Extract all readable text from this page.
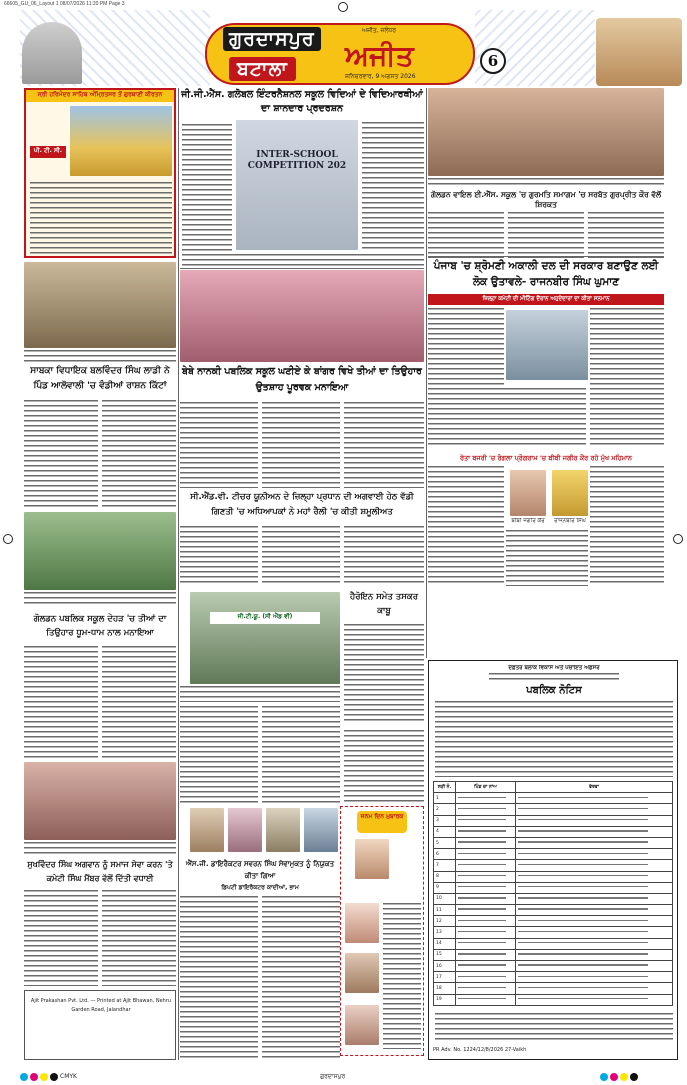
66605_GU_06_Layout 1 08/07/2026 11:20 PM Page 3
ਗੁਰਦਾਸਪੁਰ
ਬਟਾਲਾ
ਅਜੀਤ, ਜਲੰਧਰ
ਅਜੀਤ
ਸ਼ਨਿਚਰਵਾਰ, 9 ਅਗਸਤ 2026
6
ਸ੍ਰੀ ਹਰਿਮੰਦਰ ਸਾਹਿਬ ਅੰਮ੍ਰਿਤਸਰ ਤੋਂ ਗੁਰਬਾਣੀ ਕੀਰਤਨ
ਪੀ. ਟੀ. ਸੀ.
ਜੀ.ਜੀ.ਐੱਸ. ਗਲੋਬਲ ਇੰਟਰਨੈਸ਼ਨਲ ਸਕੂਲ ਵਿਦਿਆਂ ਦੇ ਵਿਦਿਆਰਥੀਆਂ ਦਾ ਸ਼ਾਨਦਾਰ ਪ੍ਰਦਰਸ਼ਨ
INTER-SCHOOL COMPETITION 202
ਗੋਲਡਨ ਵਾਇਲ ਈ.ਐੱਸ. ਸਕੂਲ 'ਚ ਗੁਰਮਤਿ ਸਮਾਗਮ 'ਚ ਸਰਬੱਤ ਗੁਰਪ੍ਰੀਤ ਕੌਰ ਵੱਲੋਂ ਸ਼ਿਰਕਤ
ਪੰਜਾਬ 'ਚ ਸ਼੍ਰੋਮਣੀ ਅਕਾਲੀ ਦਲ ਦੀ ਸਰਕਾਰ ਬਣਾਉਣ ਲਈ ਲੋਕ ਉਤਾਵਲੇ- ਰਾਜਨਬੀਰ ਸਿੰਘ ਘੁਮਾਣ
ਜ਼ਿਲ੍ਹਾ ਕਮੇਟੀ ਦੀ ਮੀਟਿੰਗ ਦੌਰਾਨ ਅਹੁਦੇਦਾਰਾਂ ਦਾ ਕੀਤਾ ਸਨਮਾਨ
ਸਾਬਕਾ ਵਿਧਾਇਕ ਬਲਵਿੰਦਰ ਸਿੰਘ ਲਾਡੀ ਨੇ ਪਿੰਡ ਆਲੋਵਾਲੀ 'ਚ ਵੰਡੀਆਂ ਰਾਸ਼ਨ ਕਿੱਟਾਂ
ਬੇਬੇ ਨਾਨਕੀ ਪਬਲਿਕ ਸਕੂਲ ਘਣੀਏ ਕੇ ਬਾਂਗਰ ਵਿਖੇ ਤੀਆਂ ਦਾ ਤਿਉਹਾਰ ਉਤਸ਼ਾਹ ਪੂਰਵਕ ਮਨਾਇਆ
ਸੀ.ਐਂਡ.ਵੀ. ਟੀਚਰ ਯੂਨੀਅਨ ਦੇ ਜ਼ਿਲ੍ਹਾ ਪ੍ਰਧਾਨ ਦੀ ਅਗਵਾਈ ਹੇਠ ਵੱਡੀ ਗਿਣਤੀ 'ਚ ਅਧਿਆਪਕਾਂ ਨੇ ਮਹਾਂ ਰੈਲੀ 'ਚ ਕੀਤੀ ਸ਼ਮੂਲੀਅਤ
ਜੀ.ਟੀ.ਯੂ. (ਸੀ ਐਂਡ ਵੀ)
ਰੇਤਾ ਬਜਰੀ 'ਚ ਰੰਗਲਾ ਪ੍ਰੋਗਰਾਮ 'ਚ ਬੀਬੀ ਜਗੀਰ ਕੌਰ ਰਹੇ ਮੁੱਖ ਮਹਿਮਾਨ
ਬੀਬੀ ਜਗੀਰ ਕੌਰ	ਰਾਜਨਬੀਰ ਸਿੰਘ
ਗੋਲਡਨ ਪਬਲਿਕ ਸਕੂਲ ਦੇਹੜ 'ਚ ਤੀਆਂ ਦਾ ਤਿਉਹਾਰ ਧੂਮ-ਧਾਮ ਨਾਲ ਮਨਾਇਆ
ਹੈਰੋਇਨ ਸਮੇਤ ਤਸਕਰ ਕਾਬੂ
ਸੁਖਵਿੰਦਰ ਸਿੰਘ ਅਗਵਾਨ ਨੂੰ ਸਮਾਜ ਸੇਵਾ ਕਰਨ 'ਤੇ ਕਮੇਟੀ ਸਿੰਘ ਮੈਂਬਰ ਵੱਲੋਂ ਦਿੱਤੀ ਵਧਾਈ
Ajit Prakashan Pvt. Ltd. — Printed at Ajit Bhawan, Nehru Garden Road, Jalandhar
ਐੱਸ.ਜੀ. ਡਾਇਰੈਕਟਰ ਸਵਰਨ ਸਿੰਘ ਸੇਵਾਮੁਕਤ ਨੂੰ ਨਿਯੁਕਤ ਕੀਤਾ ਗਿਆ
ਡਿਪਟੀ ਡਾਇਰੈਕਟਰ ਕਾਦੀਆਂ, ਭਾਮ
ਜਨਮ ਦਿਨ ਮੁਬਾਰਕ
ਦਫ਼ਤਰ ਬਲਾਕ ਵਿਕਾਸ ਅਤੇ ਪੰਚਾਇਤ ਅਫ਼ਸਰ
ਪਬਲਿਕ ਨੋਟਿਸ
ਲੜੀ ਨੰ.	ਪਿੰਡ ਦਾ ਨਾਂਅ	ਵੇਰਵਾ
1		
2		
3		
4		
5		
6		
7		
8		
9		
10		
11		
12		
13		
14		
15		
16		
17		
18		
19		
PR Adv. No. 1224/12/8/2026 27-Vaikh
CMYK	ਗੁਰਦਾਸਪੁਰ
